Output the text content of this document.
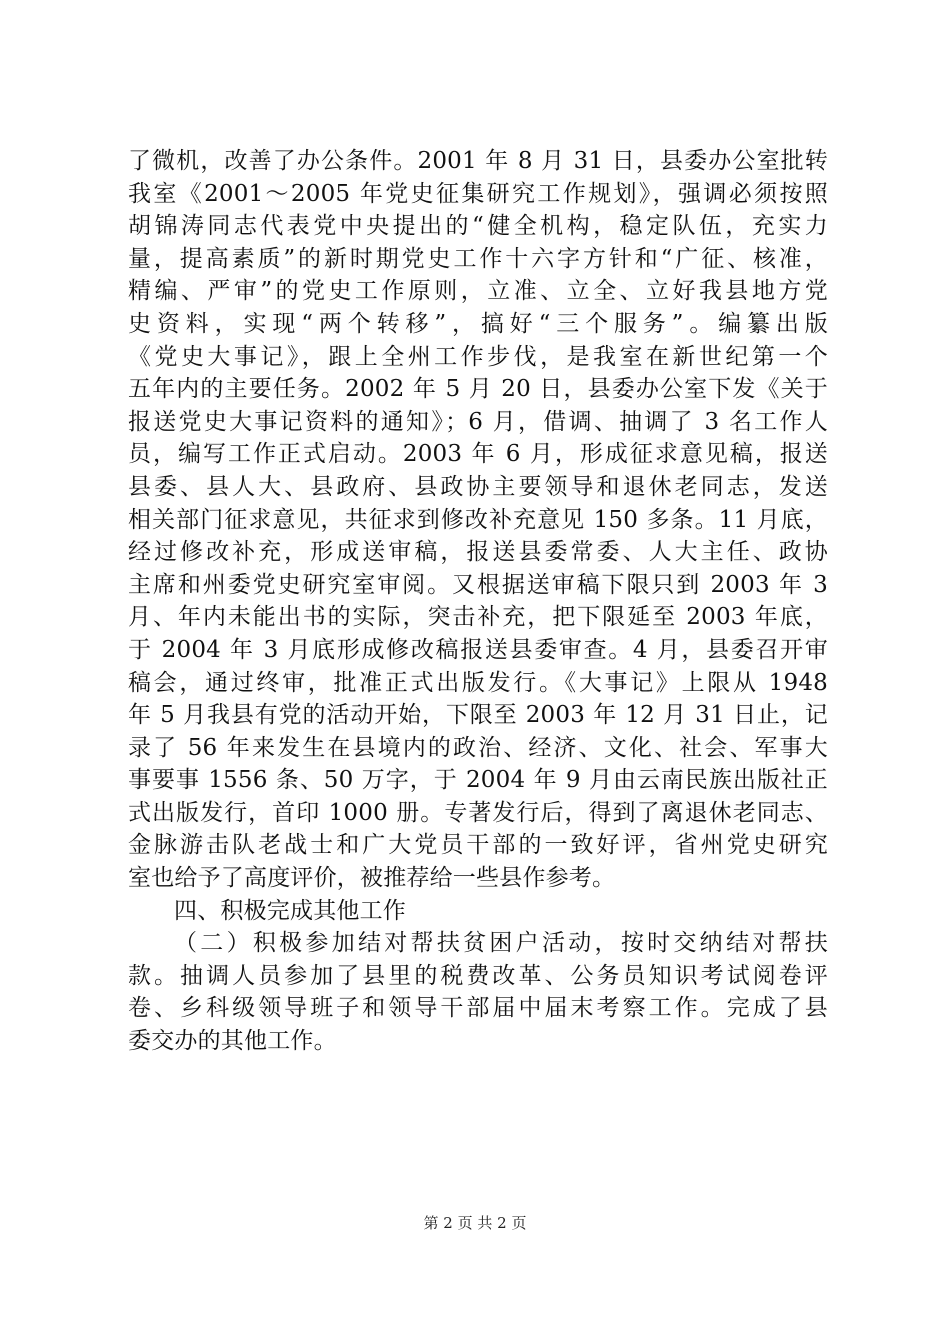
了微机，改善了办公条件。2001 年 8 月 31 日，县委办公室批转
我室《2001～2005 年党史征集研究工作规划》，强调必须按照
胡锦涛同志代表党中央提出的“健全机构，稳定队伍，充实力
量，提高素质”的新时期党史工作十六字方针和“广征、核准，
精编、严审”的党史工作原则，立准、立全、立好我县地方党
史资料，实现“两个转移”，搞好“三个服务”。编纂出版
《党史大事记》，跟上全州工作步伐，是我室在新世纪第一个
五年内的主要任务。2002 年 5 月 20 日，县委办公室下发《关于
报送党史大事记资料的通知》；6 月，借调、抽调了 3 名工作人
员，编写工作正式启动。2003 年 6 月，形成征求意见稿，报送
县委、县人大、县政府、县政协主要领导和退休老同志，发送
相关部门征求意见，共征求到修改补充意见 150 多条。11 月底，
经过修改补充，形成送审稿，报送县委常委、人大主任、政协
主席和州委党史研究室审阅。又根据送审稿下限只到 2003 年 3
月、年内未能出书的实际，突击补充，把下限延至 2003 年底，
于 2004 年 3 月底形成修改稿报送县委审查。4 月，县委召开审
稿会，通过终审，批准正式出版发行。《大事记》上限从 1948
年 5 月我县有党的活动开始，下限至 2003 年 12 月 31 日止，记
录了 56 年来发生在县境内的政治、经济、文化、社会、军事大
事要事 1556 条、50 万字，于 2004 年 9 月由云南民族出版社正
式出版发行，首印 1000 册。专著发行后，得到了离退休老同志、
金脉游击队老战士和广大党员干部的一致好评，省州党史研究
室也给予了高度评价，被推荐给一些县作参考。
四、积极完成其他工作
（二）积极参加结对帮扶贫困户活动，按时交纳结对帮扶
款。抽调人员参加了县里的税费改革、公务员知识考试阅卷评
卷、乡科级领导班子和领导干部届中届末考察工作。完成了县
委交办的其他工作。
第 2 页 共 2 页
